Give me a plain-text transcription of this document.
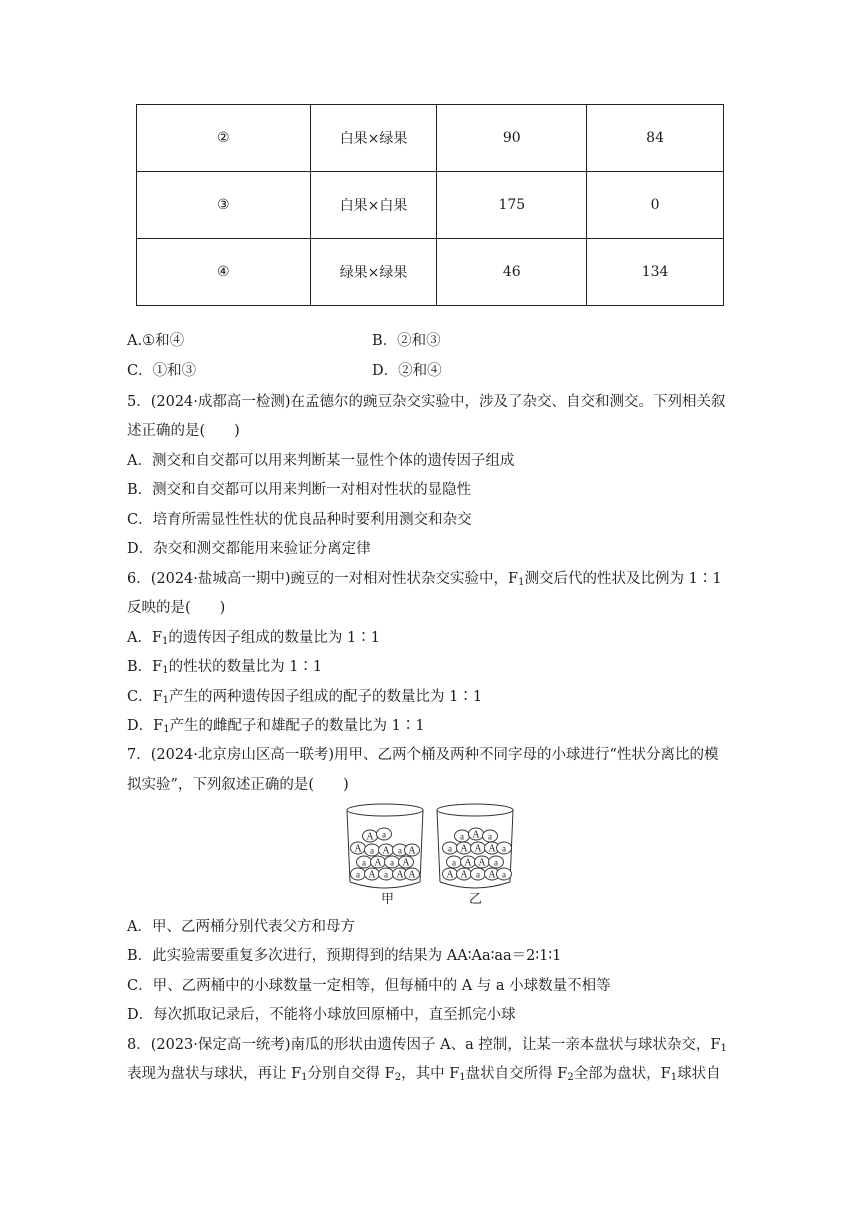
②	白果×绿果	90	84
③	白果×白果	175	0
④	绿果×绿果	46	134
A.①和④	B．②和③
C．①和③	D．②和④
5．(2024·成都高一检测)在孟德尔的豌豆杂交实验中，涉及了杂交、自交和测交。下列相关叙
述正确的是(　　)
A．测交和自交都可以用来判断某一显性个体的遗传因子组成
B．测交和自交都可以用来判断一对相对性状的显隐性
C．培育所需显性性状的优良品种时要利用测交和杂交
D．杂交和测交都能用来验证分离定律
6．(2024·盐城高一期中)豌豆的一对相对性状杂交实验中，$F_1$测交后代的性状及比例为 1∶1
反映的是(　　)
A．$F_1$的遗传因子组成的数量比为 1∶1
B．$F_1$的性状的数量比为 1∶1
C．$F_1$产生的两种遗传因子组成的配子的数量比为 1∶1
D．$F_1$产生的雌配子和雄配子的数量比为 1∶1
7．(2024·北京房山区高一联考)用甲、乙两个桶及两种不同字母的小球进行“性状分离比的模
拟实验”，下列叙述正确的是(　　)
A a
A a A a A
a A a A
a A a A A
a A a
a A A A a
a A A a
A A a A a
甲	乙
A．甲、乙两桶分别代表父方和母方
B．此实验需要重复多次进行，预期得到的结果为 AA∶Aa∶aa＝2∶1∶1
C．甲、乙两桶中的小球数量一定相等，但每桶中的 A 与 a 小球数量不相等
D．每次抓取记录后，不能将小球放回原桶中，直至抓完小球
8．(2023·保定高一统考)南瓜的形状由遗传因子 A、a 控制，让某一亲本盘状与球状杂交，$F_1$
表现为盘状与球状，再让 $F_1$分别自交得 $F_2$，其中 $F_1$盘状自交所得 $F_2$全部为盘状，$F_1$球状自
